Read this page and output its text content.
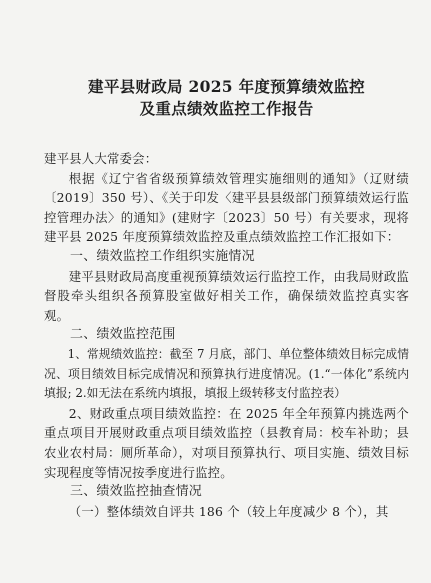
建平县财政局 2025 年度预算绩效监控
及重点绩效监控工作报告
建平县人大常委会：
根据《辽宁省省级预算绩效管理实施细则的通知》（辽财绩〔2019〕350 号）、《关于印发〈建平县县级部门预算绩效运行监控管理办法〉的通知》(建财字〔2023〕50 号）有关要求，现将建平县 2025 年度预算绩效监控及重点绩效监控工作汇报如下：
一、绩效监控工作组织实施情况
建平县财政局高度重视预算绩效运行监控工作，由我局财政监督股牵头组织各预算股室做好相关工作，确保绩效监控真实客观。
二、绩效监控范围
1、常规绩效监控：截至 7 月底，部门、单位整体绩效目标完成情况、项目绩效目标完成情况和预算执行进度情况。(1.“一体化”系统内填报; 2.如无法在系统内填报，填报上级转移支付监控表）
2、财政重点项目绩效监控：在 2025 年全年预算内挑选两个重点项目开展财政重点项目绩效监控（县教育局：校车补助；县农业农村局：厕所革命），对项目预算执行、项目实施、绩效目标实现程度等情况按季度进行监控。
三、绩效监控抽查情况
（一）整体绩效自评共 186 个（较上年度减少 8 个），其
